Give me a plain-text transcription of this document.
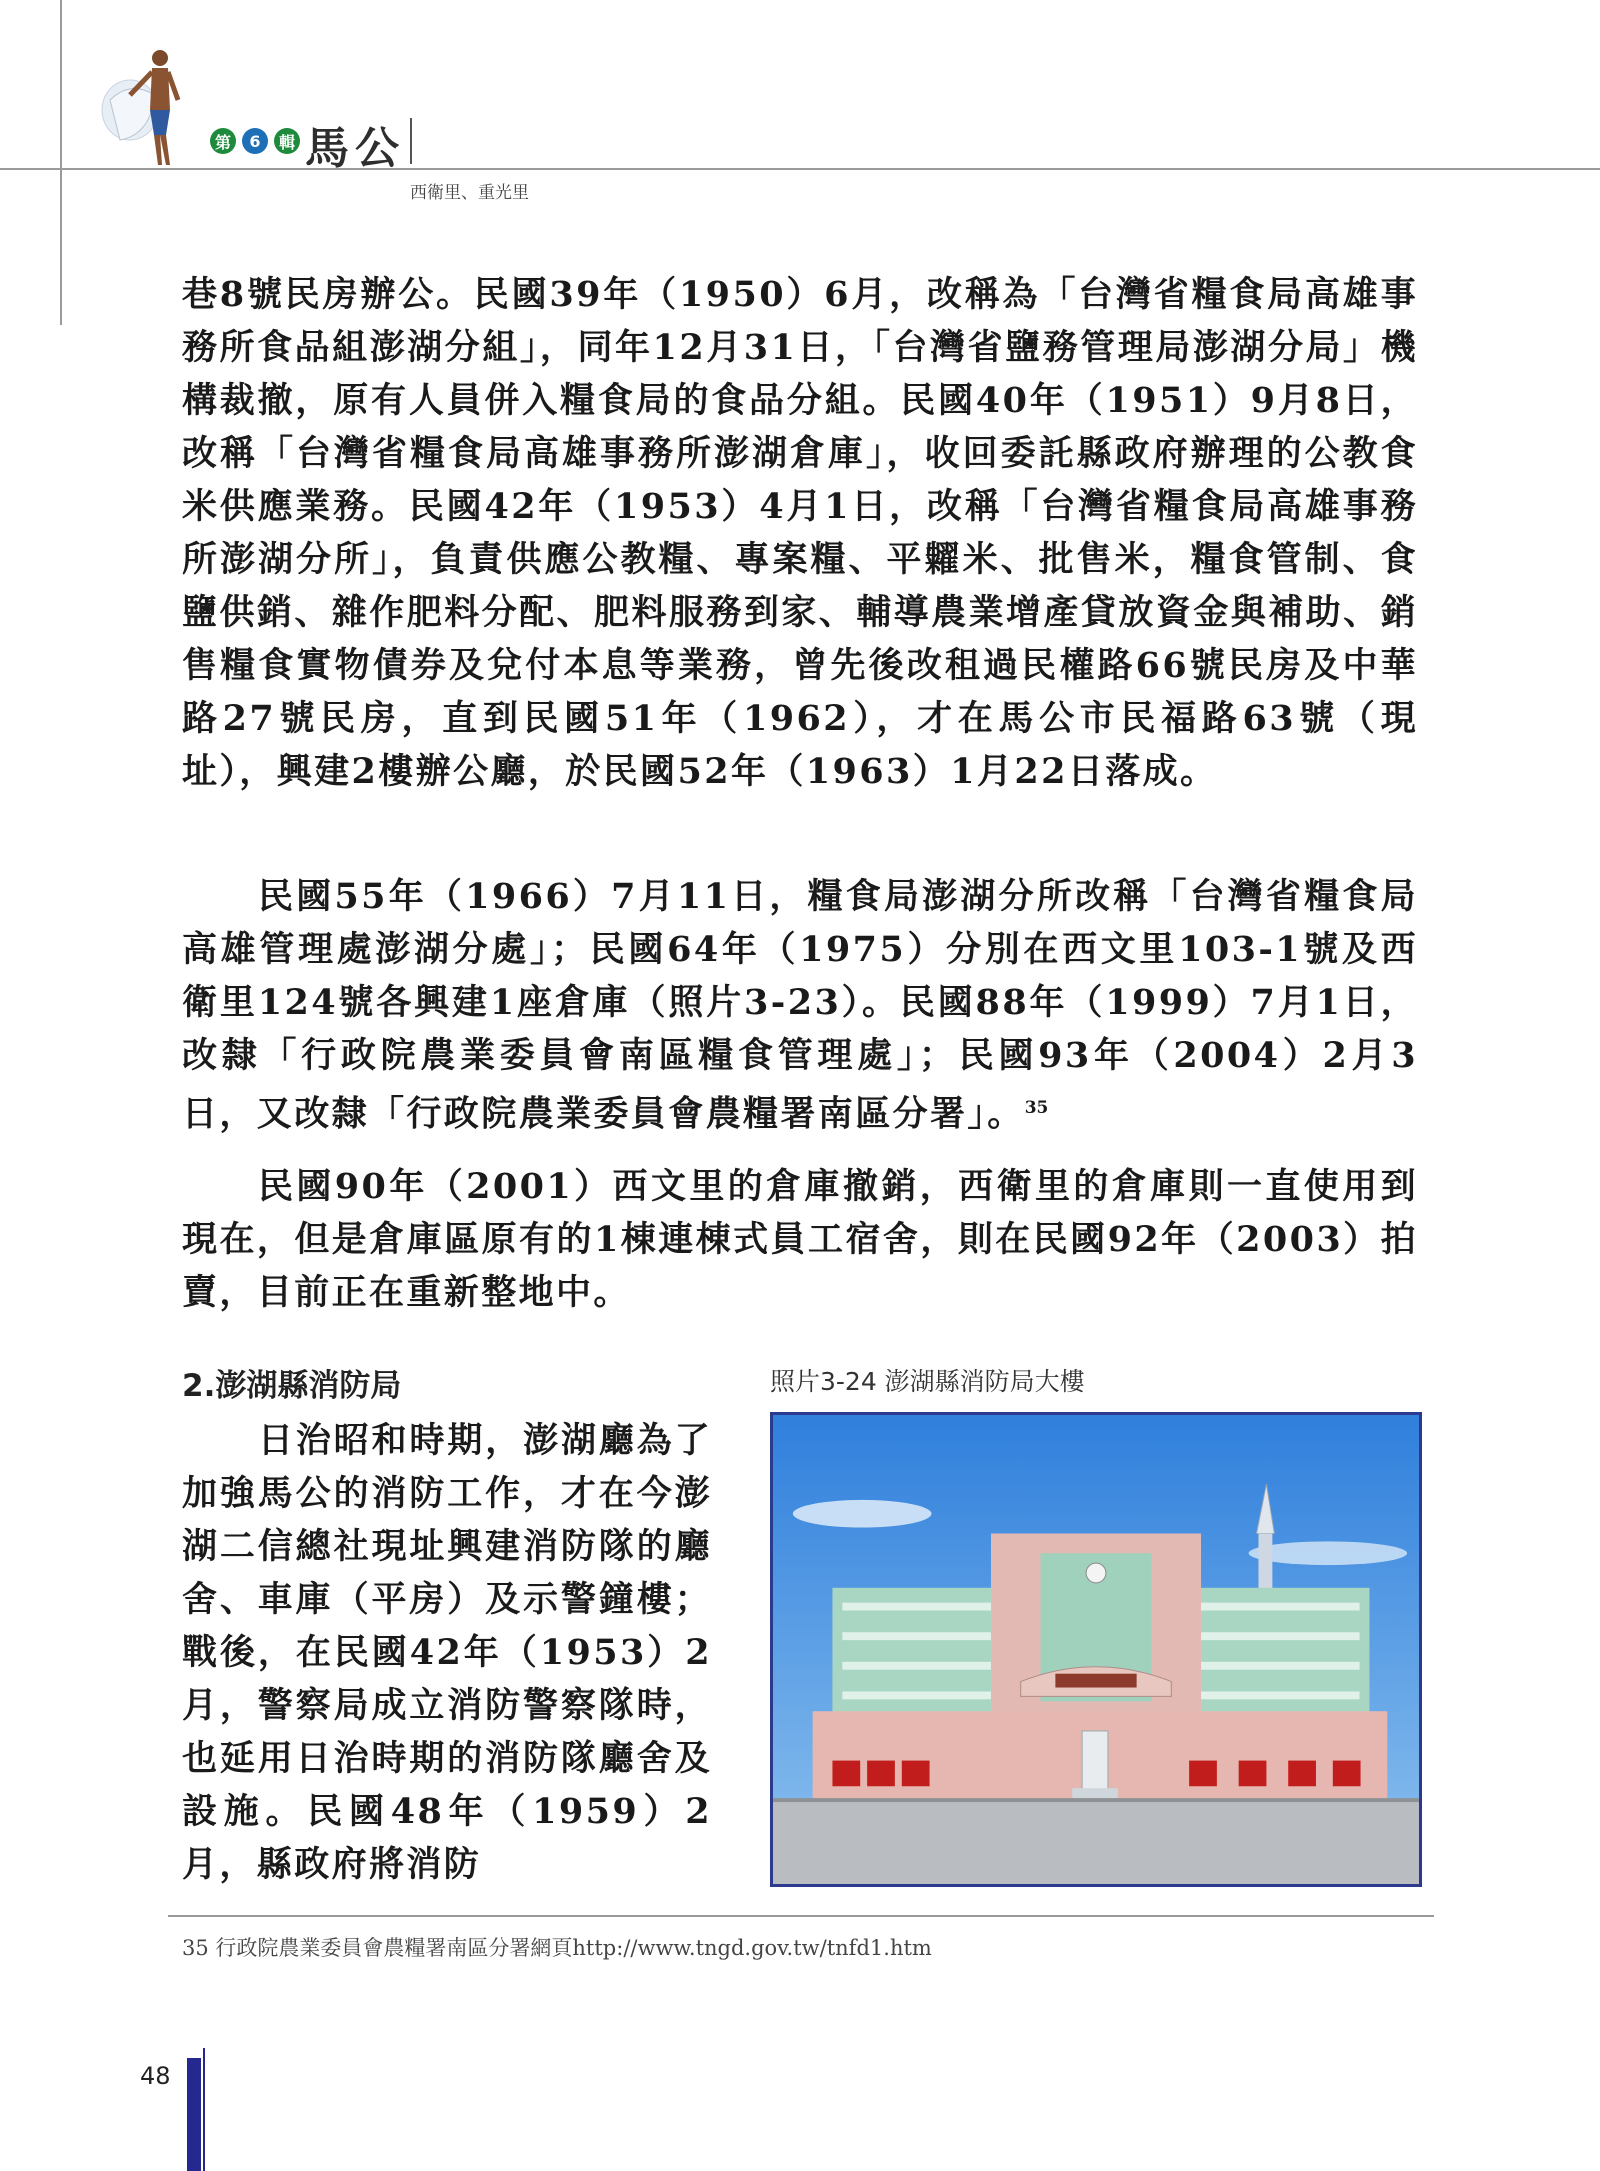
第	6	輯 馬公
西衛里、重光里

巷8號民房辦公。民國39年（1950）6月，改稱為「台灣省糧食局高雄事務所食品組澎湖分組」，同年12月31日，「台灣省鹽務管理局澎湖分局」機構裁撤，原有人員併入糧食局的食品分組。民國40年（1951）9月8日，改稱「台灣省糧食局高雄事務所澎湖倉庫」，收回委託縣政府辦理的公教食米供應業務。民國42年（1953）4月1日，改稱「台灣省糧食局高雄事務所澎湖分所」，負責供應公教糧、專案糧、平糶米、批售米，糧食管制、食鹽供銷、雜作肥料分配、肥料服務到家、輔導農業增產貸放資金與補助、銷售糧食實物債券及兌付本息等業務，曾先後改租過民權路66號民房及中華路27號民房，直到民國51年（1962），才在馬公市民福路63號（現址），興建2樓辦公廳，於民國52年（1963）1月22日落成。

民國55年（1966）7月11日，糧食局澎湖分所改稱「台灣省糧食局高雄管理處澎湖分處」；民國64年（1975）分別在西文里103-1號及西衛里124號各興建1座倉庫（照片3-23）。民國88年（1999）7月1日，改隸「行政院農業委員會南區糧食管理處」；民國93年（2004）2月3日，又改隸「行政院農業委員會農糧署南區分署」。$^{35}$

民國90年（2001）西文里的倉庫撤銷，西衛里的倉庫則一直使用到現在，但是倉庫區原有的1棟連棟式員工宿舍，則在民國92年（2003）拍賣，目前正在重新整地中。

2.澎湖縣消防局

日治昭和時期，澎湖廳為了加強馬公的消防工作，才在今澎湖二信總社現址興建消防隊的廳舍、車庫（平房）及示警鐘樓；戰後，在民國42年（1953）2月，警察局成立消防警察隊時，也延用日治時期的消防隊廳舍及設施。民國48年（1959）2月，縣政府將消防

照片3-24 澎湖縣消防局大樓
35 行政院農業委員會農糧署南區分署網頁http://www.tngd.gov.tw/tnfd1.htm
48
